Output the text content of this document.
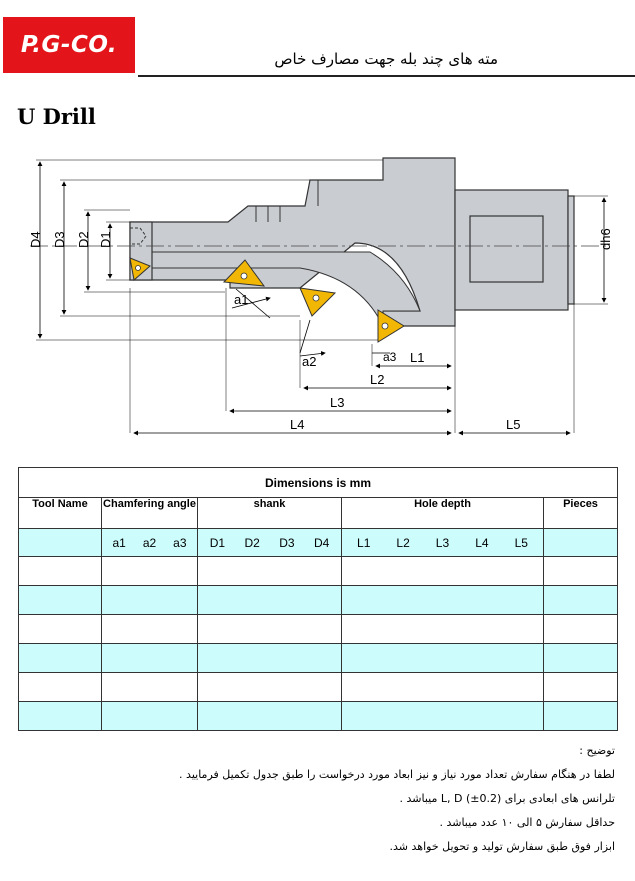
P.G-CO.
مته های چند بله جهت مصارف خاص
U Drill
D4 D3 D2 D1	dh6
a1
a2	a3 L1
L2
L3
L4	L5
Dimensions is mm				
Tool Name	Chamfering angle	shank	Hole depth	Pieces

	a1 a2 a3	D1 D2 D3 D4	L1 L2 L3 L4 L5	

توضیح :
لطفا در هنگام سفارش تعداد مورد نیاز و نیز ابعاد مورد درخواست را طبق جدول تکمیل فرمایید .
تلرانس های ابعادی برای L, D (±0.2) میباشد .
حداقل سفارش ۵ الی ۱۰ عدد میباشد .
ابزار فوق طبق سفارش تولید و تحویل خواهد شد.
